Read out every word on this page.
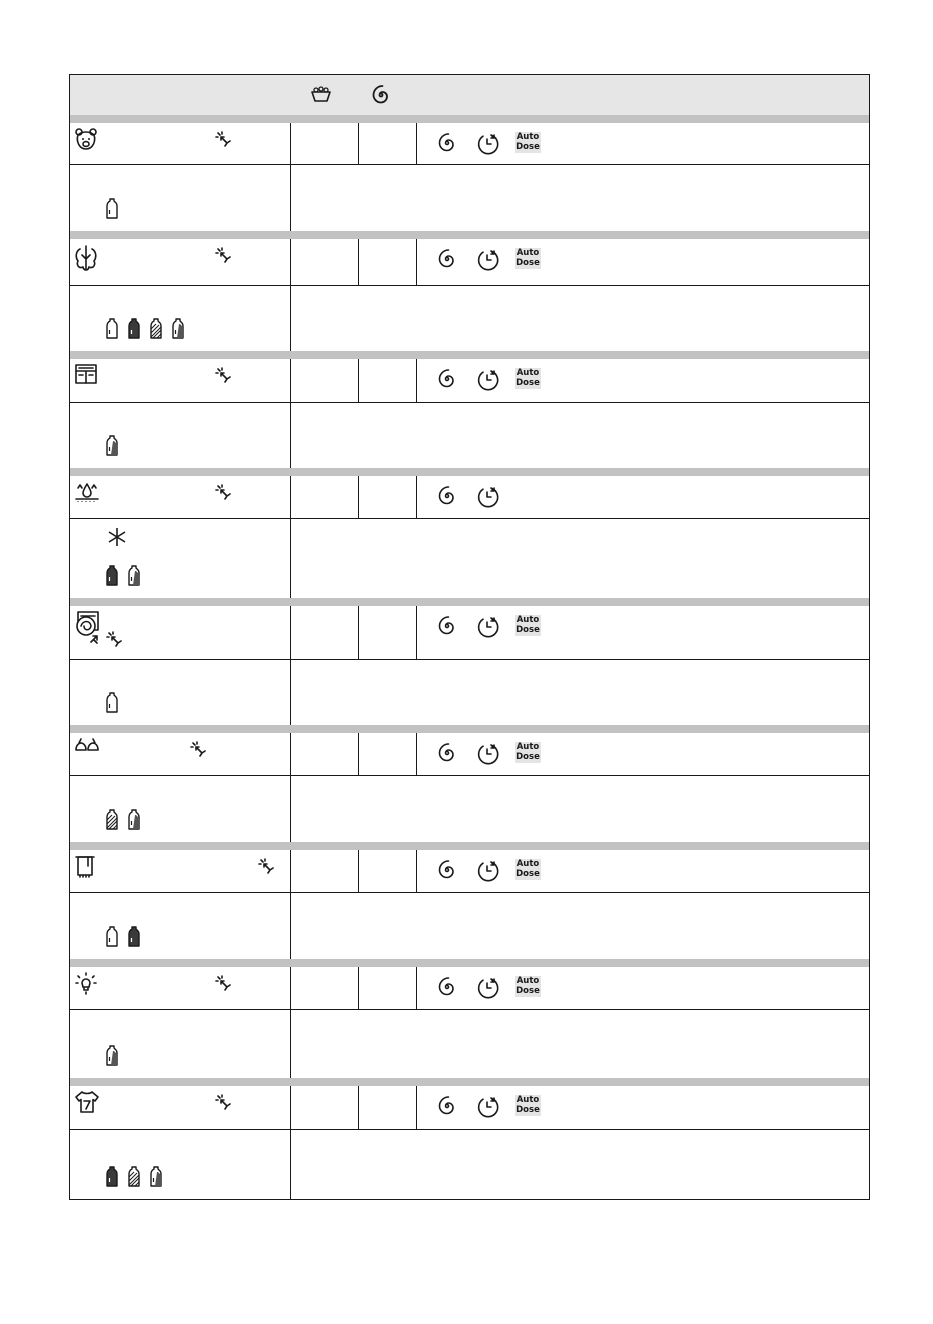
Auto
Dose
Auto
Dose
Auto
Dose
Auto
Dose
Auto
Dose
Auto
Dose
Auto
Dose
Auto
Dose
